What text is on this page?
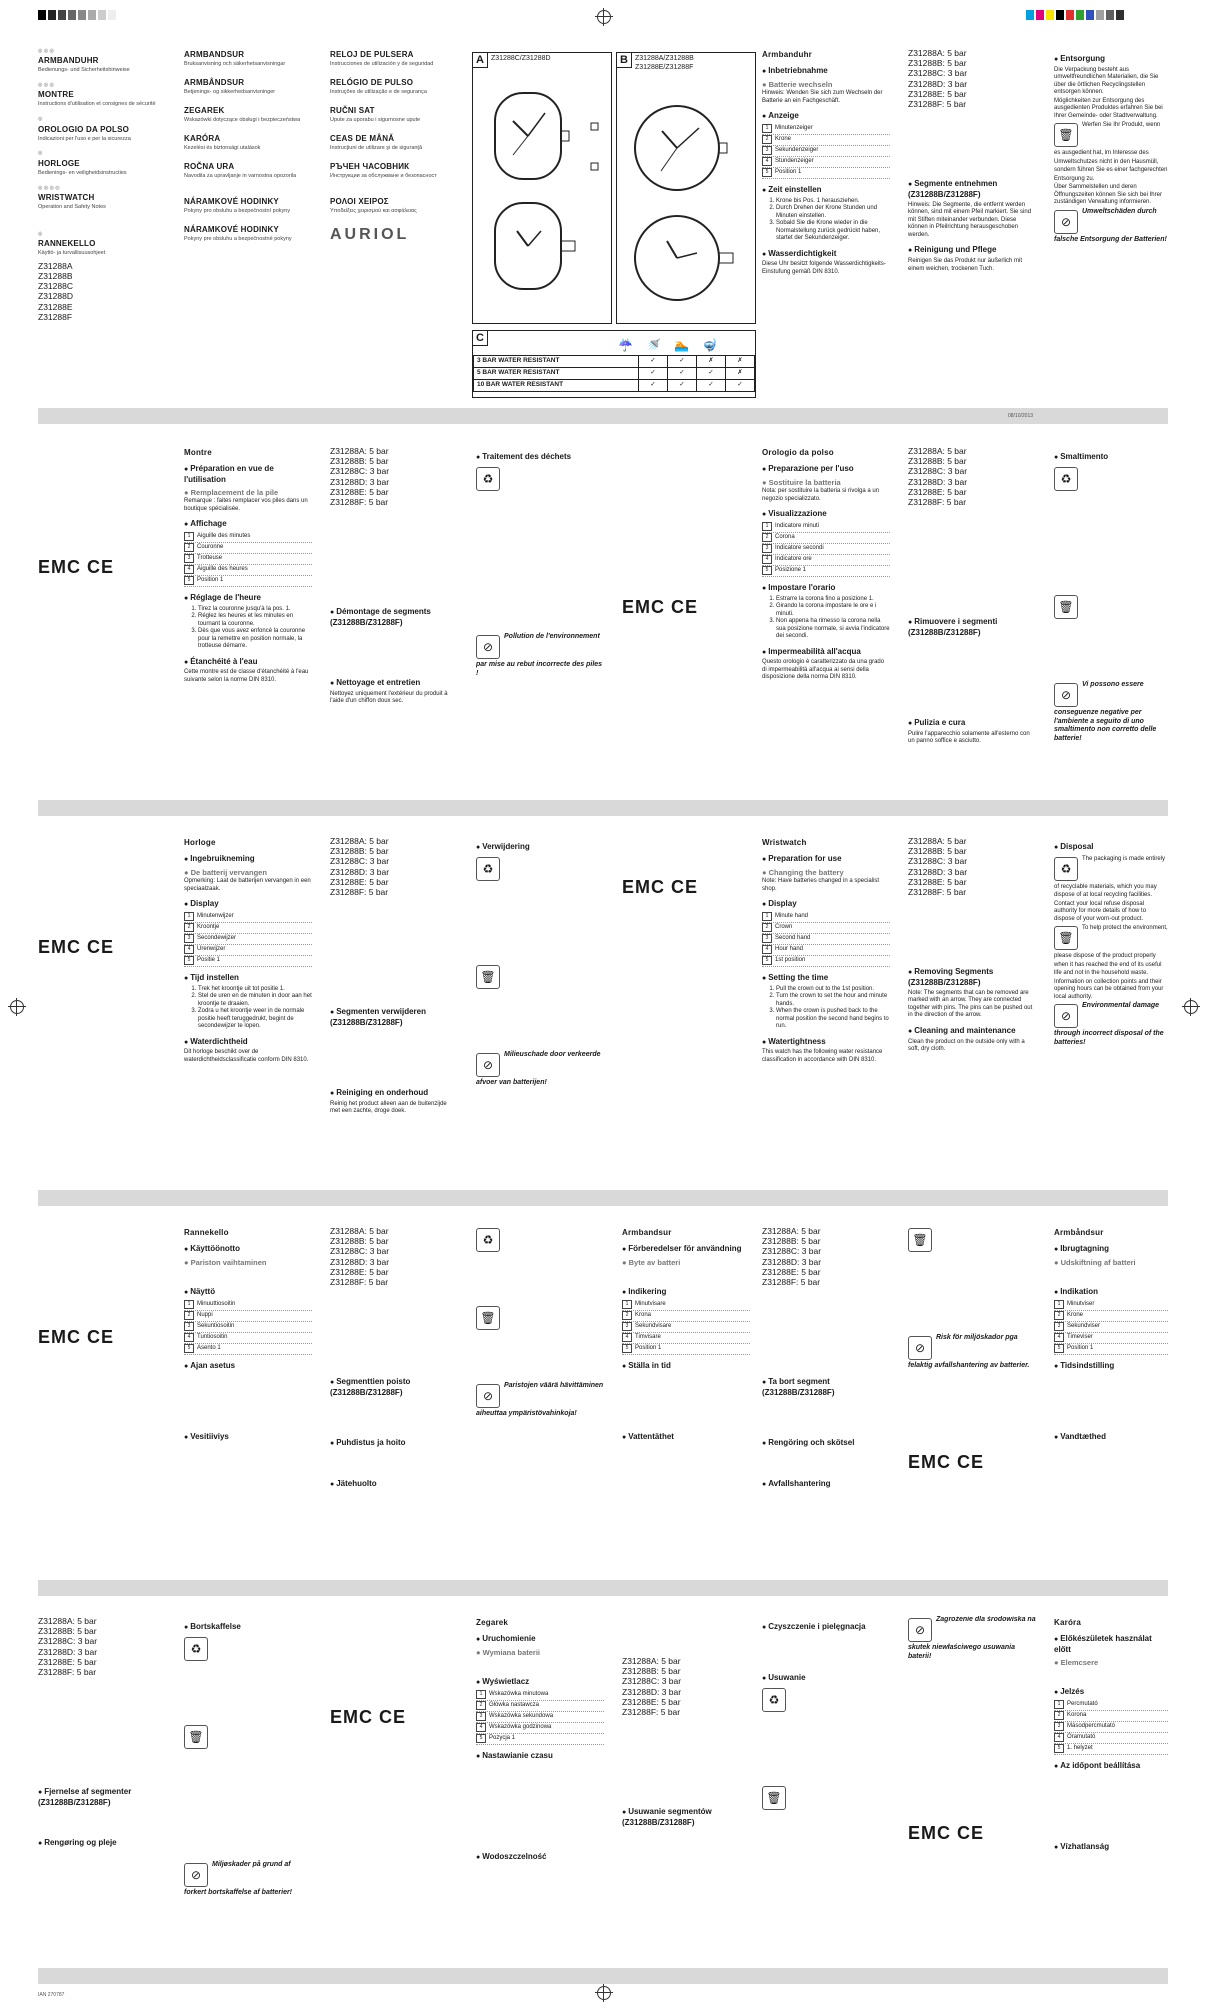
◎ ◎ ◎
ARMBANDUHR
Bedienungs- und Sicherheitshinweise
◎ ◎ ◎
MONTRE
Instructions d'utilisation et consignes de sécurité
◎
OROLOGIO DA POLSO
Indicazioni per l'uso e per la sicurezza
◎
HORLOGE
Bedienings- en veiligheidsinstructies
◎ ◎ ◎ ◎
WRISTWATCH
Operation and Safety Notes
◎
RANNEKELLO
Käyttö- ja turvallisuusohjeet
Z31288A
Z31288B
Z31288C
Z31288D
Z31288E
Z31288F
ARMBANDSUR
Bruksanvisning och säkerhetsanvisningar
ARMBÅNDSUR
Betjenings- og sikkerhedsanvisninger
ZEGAREK
Wskazówki dotyczące obsługi i bezpieczeństwa
KARÓRA
Kezelési és biztonsági utalások
ROČNA URA
Navodila za upravljanje in varnostna opozorila
NÁRAMKOVÉ HODINKY
Pokyny pro obsluhu a bezpečnostní pokyny
NÁRAMKOVÉ HODINKY
Pokyny pre obsluhu a bezpečnostné pokyny
RELOJ DE PULSERA
Instrucciones de utilización y de seguridad
RELÓGIO DE PULSO
Instruções de utilização e de segurança
RUČNI SAT
Upute za uporabu i sigurnosne upute
CEAS DE MÂNĂ
Instrucţiuni de utilizare şi de siguranţă
РЪЧЕН ЧАСОВНИК
Инструкции за обслужване и безопасност
ΡΟΛΟΙ ΧΕΙΡΟΣ
Υποδείξεις χειρισμού και ασφάλειας
AURIOL
A	Z31288C/Z31288D	B	Z31288A/Z31288B Z31288E/Z31288F
C	☔ 🚿 🏊 🤿
3 BAR WATER RESISTANT	✓	✓	✗	✗
5 BAR WATER RESISTANT	✓	✓	✓	✗
10 BAR WATER RESISTANT	✓	✓	✓	✓
Armbanduhr
● Inbetriebnahme
● Batterie wechseln
Hinweis: Wenden Sie sich zum Wechseln der Batterie an ein Fachgeschäft.
● Anzeige
1 Minutenzeiger
2 Krone
3 Sekundenzeiger
4 Stundenzeiger
5 Position 1
● Zeit einstellen
1. Krone bis Pos. 1 herausziehen.
2. Durch Drehen der Krone Stunden und Minuten einstellen.
3. Sobald Sie die Krone wieder in die Normalstellung zurück gedrückt haben, startet der Sekundenzeiger.
● Wasserdichtigkeit
Diese Uhr besitzt folgende Wasserdichtigkeits-Einstufung gemäß DIN 8310.
Z31288A: 5 bar
Z31288B: 5 bar
Z31288C: 3 bar
Z31288D: 3 bar
Z31288E: 5 bar
Z31288F: 5 bar
● Segmente entnehmen (Z31288B/Z31288F)
Hinweis: Die Segmente, die entfernt werden können, sind mit einem Pfeil markiert. Sie sind mit Stiften miteinander verbunden. Diese können in Pfeilrichtung herausgeschoben werden.
● Reinigung und Pflege
Reinigen Sie das Produkt nur äußerlich mit einem weichen, trockenen Tuch.
● Entsorgung
Die Verpackung besteht aus umweltfreundlichen Materialien, die Sie über die örtlichen Recyclingstellen entsorgen können.
Möglichkeiten zur Entsorgung des ausgedienten Produktes erfahren Sie bei Ihrer Gemeinde- oder Stadtverwaltung.
🗑Werfen Sie Ihr Produkt, wenn es ausgedient hat, im Interesse des Umweltschutzes nicht in den Hausmüll, sondern führen Sie es einer fachgerechten Entsorgung zu.
Über Sammelstellen und deren Öffnungszeiten können Sie sich bei Ihrer zuständigen Verwaltung informieren.
⊘Umweltschäden durch falsche Entsorgung der Batterien!
08/10/2013
EMC CE
Montre
● Préparation en vue de l'utilisation
● Remplacement de la pile
Remarque : faites remplacer vos piles dans un boutique spécialisée.
● Affichage
1 Aiguille des minutes
2 Couronne
3 Trotteuse
4 Aiguille des heures
5 Position 1
● Réglage de l'heure
1. Tirez la couronne jusqu'à la pos. 1.
2. Réglez les heures et les minutes en tournant la couronne.
3. Dès que vous avez enfoncé la couronne pour la remettre en position normale, la trotteuse démarre.
● Étanchéité à l'eau
Cette montre est de classe d'étanchéité à l'eau suivante selon la norme DIN 8310.
Z31288A: 5 bar
Z31288B: 5 bar
Z31288C: 3 bar
Z31288D: 3 bar
Z31288E: 5 bar
Z31288F: 5 bar
● Démontage de segments (Z31288B/Z31288F)
● Nettoyage et entretien
Nettoyez uniquement l'extérieur du produit à l'aide d'un chiffon doux sec.
● Traitement des déchets
♻
⊘Pollution de l'environnement par mise au rebut incorrecte des piles !
EMC CE
Orologio da polso
● Preparazione per l'uso
● Sostituire la batteria
Nota: per sostituire la batteria si rivolga a un negozio specializzato.
● Visualizzazione
1 Indicatore minuti
2 Corona
3 Indicatore secondi
4 Indicatore ore
5 Posizione 1
● Impostare l'orario
1. Estrarre la corona fino a posizione 1.
2. Girando la corona impostare le ore e i minuti.
3. Non appena ha rimesso la corona nella sua posizione normale, si avvia l'indicatore dei secondi.
● Impermeabilità all'acqua
Questo orologio è caratterizzato da una grado di impermeabilità all'acqua ai sensi della disposizione della norma DIN 8310.
Z31288A: 5 bar
Z31288B: 5 bar
Z31288C: 3 bar
Z31288D: 3 bar
Z31288E: 5 bar
Z31288F: 5 bar
● Rimuovere i segmenti (Z31288B/Z31288F)
● Pulizia e cura
Pulire l'apparecchio solamente all'esterno con un panno soffice e asciutto.
● Smaltimento
♻
🗑
⊘Vi possono essere conseguenze negative per l'ambiente a seguito di uno smaltimento non corretto delle batterie!
EMC CE
Horloge
● Ingebruikneming
● De batterij vervangen
Opmerking: Laat de batterijen vervangen in een speciaalzaak.
● Display
1 Minutenwijzer
2 Kroontje
3 Secondewijzer
4 Urenwijzer
5 Positie 1
● Tijd instellen
1. Trek het kroontje uit tot positie 1.
2. Stel de uren en de minuten in door aan het kroontje te draaien.
3. Zodra u het kroontje weer in de normale positie heeft teruggedrukt, begint de secondewijzer te lopen.
● Waterdichtheid
Dit horloge beschikt over de waterdichtheidsclassificatie conform DIN 8310.
Z31288A: 5 bar
Z31288B: 5 bar
Z31288C: 3 bar
Z31288D: 3 bar
Z31288E: 5 bar
Z31288F: 5 bar
● Segmenten verwijderen (Z31288B/Z31288F)
● Reiniging en onderhoud
Reinig het product alleen aan de buitenzijde met een zachte, droge doek.
● Verwijdering
♻
🗑
⊘Milieuschade door verkeerde afvoer van batterijen!
EMC CE
Wristwatch
● Preparation for use
● Changing the battery
Note: Have batteries changed in a specialist shop.
● Display
1 Minute hand
2 Crown
3 Second hand
4 Hour hand
5 1st position
● Setting the time
1. Pull the crown out to the 1st position.
2. Turn the crown to set the hour and minute hands.
3. When the crown is pushed back to the normal position the second hand begins to run.
● Watertightness
This watch has the following water resistance classification in accordance with DIN 8310.
Z31288A: 5 bar
Z31288B: 5 bar
Z31288C: 3 bar
Z31288D: 3 bar
Z31288E: 5 bar
Z31288F: 5 bar
● Removing Segments (Z31288B/Z31288F)
Note: The segments that can be removed are marked with an arrow. They are connected together with pins. The pins can be pushed out in the direction of the arrow.
● Cleaning and maintenance
Clean the product on the outside only with a soft, dry cloth.
● Disposal
♻The packaging is made entirely of recyclable materials, which you may dispose of at local recycling facilities.
Contact your local refuse disposal authority for more details of how to dispose of your worn-out product.
🗑To help protect the environment, please dispose of the product properly when it has reached the end of its useful life and not in the household waste.
Information on collection points and their opening hours can be obtained from your local authority.
⊘Environmental damage through incorrect disposal of the batteries!
EMC CE
Rannekello
● Käyttöönotto
● Pariston vaihtaminen
● Näyttö
1 Minuuttiosoitin
2 Nuppi
3 Sekuntiosoitin
4 Tuntiosoitin
5 Asento 1
● Ajan asetus
● Vesitiiviys
Z31288A: 5 bar
Z31288B: 5 bar
Z31288C: 3 bar
Z31288D: 3 bar
Z31288E: 5 bar
Z31288F: 5 bar
● Segmenttien poisto (Z31288B/Z31288F)
● Puhdistus ja hoito
● Jätehuolto
♻
🗑
⊘Paristojen väärä hävittäminen aiheuttaa ympäristövahinkoja!
Armbandsur
● Förberedelser för användning
● Byte av batteri
● Indikering
1 Minutvisare
2 Krona
3 Sekundvisare
4 Timvisare
5 Position 1
● Ställa in tid
● Vattentäthet
Z31288A: 5 bar
Z31288B: 5 bar
Z31288C: 3 bar
Z31288D: 3 bar
Z31288E: 5 bar
Z31288F: 5 bar
● Ta bort segment (Z31288B/Z31288F)
● Rengöring och skötsel
● Avfallshantering
🗑
⊘Risk för miljöskador pga felaktig avfallshantering av batterier.
EMC CE
Armbåndsur
● Ibrugtagning
● Udskiftning af batteri
● Indikation
1 Minutviser
2 Krone
3 Sekundviser
4 Timeviser
5 Position 1
● Tidsindstilling
● Vandtæthed
Z31288A: 5 bar
Z31288B: 5 bar
Z31288C: 3 bar
Z31288D: 3 bar
Z31288E: 5 bar
Z31288F: 5 bar
● Fjernelse af segmenter (Z31288B/Z31288F)
● Rengøring og pleje
● Bortskaffelse
♻
🗑
⊘Miljøskader på grund af forkert bortskaffelse af batterier!
EMC CE
Zegarek
● Uruchomienie
● Wymiana baterii
● Wyświetlacz
1 Wskazówka minutowa
2 Główka nastawcza
3 Wskazówka sekundowa
4 Wskazówka godzinowa
5 Pozycja 1
● Nastawianie czasu
● Wodoszczelność
Z31288A: 5 bar
Z31288B: 5 bar
Z31288C: 3 bar
Z31288D: 3 bar
Z31288E: 5 bar
Z31288F: 5 bar
● Usuwanie segmentów (Z31288B/Z31288F)
● Czyszczenie i pielęgnacja
● Usuwanie
♻
🗑
⊘Zagrożenie dla środowiska na skutek niewłaściwego usuwania baterii!
EMC CE
Karóra
● Előkészületek használat előtt
● Elemcsere
● Jelzés
1 Percmutató
2 Korona
3 Másodpercmutató
4 Óramutató
5 1. helyzet
● Az időpont beállítása
● Vízhatlanság
IAN 270787
